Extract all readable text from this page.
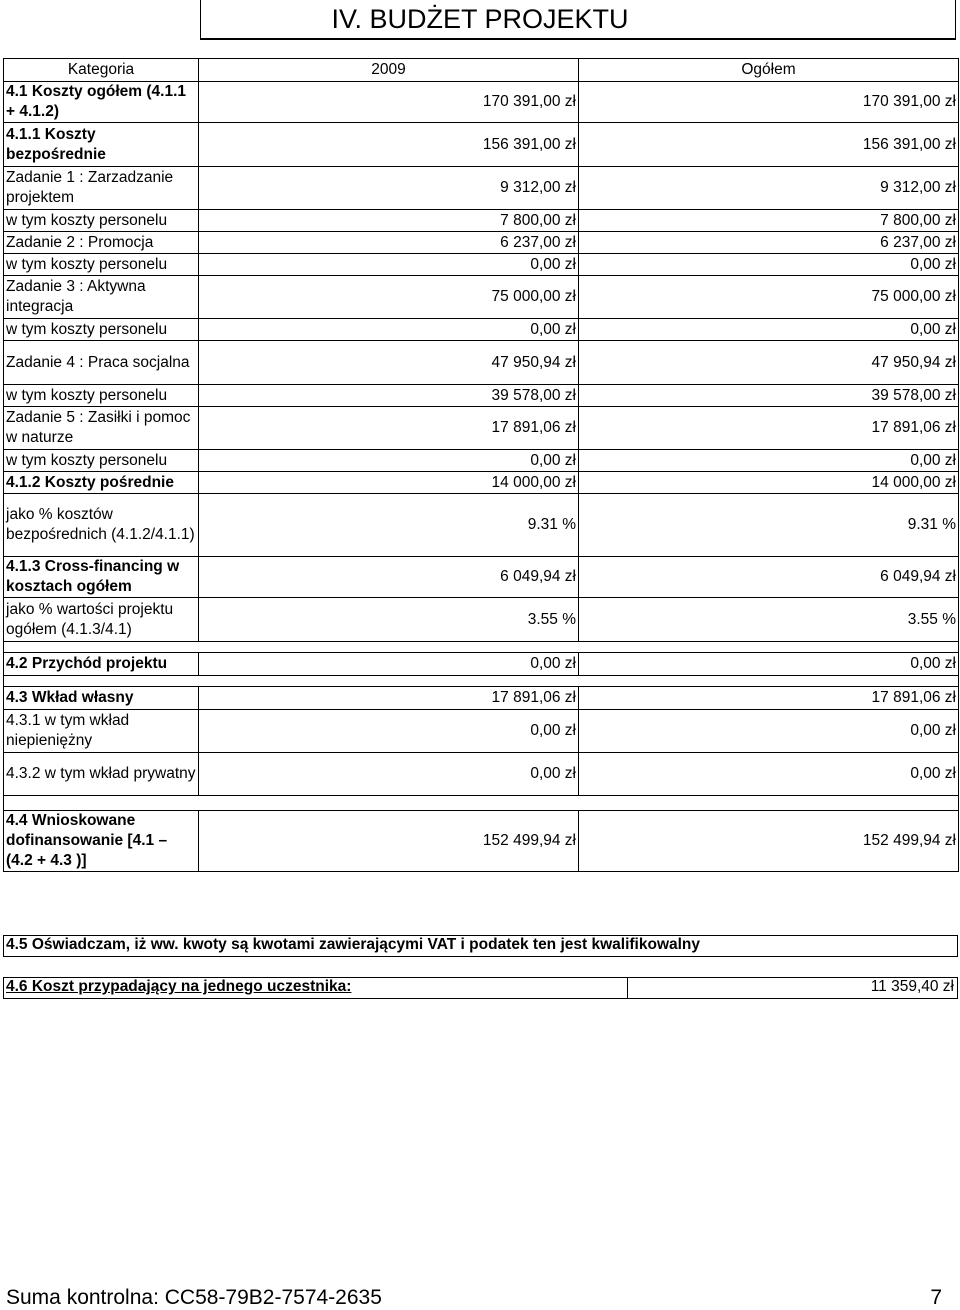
IV. BUDŻET PROJEKTU
Kategoria	2009	Ogółem
4.1 Koszty ogółem (4.1.1 + 4.1.2)	170 391,00 zł	170 391,00 zł
4.1.1 Koszty bezpośrednie	156 391,00 zł	156 391,00 zł
Zadanie 1 : Zarzadzanie projektem	9 312,00 zł	9 312,00 zł
w tym koszty personelu	7 800,00 zł	7 800,00 zł
Zadanie 2 : Promocja	6 237,00 zł	6 237,00 zł
w tym koszty personelu	0,00 zł	0,00 zł
Zadanie 3 : Aktywna integracja	75 000,00 zł	75 000,00 zł
w tym koszty personelu	0,00 zł	0,00 zł
Zadanie 4 : Praca socjalna	47 950,94 zł	47 950,94 zł
w tym koszty personelu	39 578,00 zł	39 578,00 zł
Zadanie 5 : Zasiłki i pomoc w naturze	17 891,06 zł	17 891,06 zł
w tym koszty personelu	0,00 zł	0,00 zł
4.1.2 Koszty pośrednie	14 000,00 zł	14 000,00 zł
jako % kosztów bezpośrednich (4.1.2/4.1.1)	9.31 %	9.31 %
4.1.3 Cross-financing w kosztach ogółem	6 049,94 zł	6 049,94 zł
jako % wartości projektu ogółem (4.1.3/4.1)	3.55 %	3.55 %

4.2 Przychód projektu	0,00 zł	0,00 zł

4.3 Wkład własny	17 891,06 zł	17 891,06 zł
4.3.1 w tym wkład niepieniężny	0,00 zł	0,00 zł
4.3.2 w tym wkład prywatny	0,00 zł	0,00 zł

4.4 Wnioskowane dofinansowanie [4.1 – (4.2 + 4.3 )]	152 499,94 zł	152 499,94 zł
4.5 Oświadczam, iż ww. kwoty są kwotami zawierającymi VAT i podatek ten jest kwalifikowalny
4.6 Koszt przypadający na jednego uczestnika:	11 359,40 zł
Suma kontrolna: CC58-79B2-7574-2635	7
